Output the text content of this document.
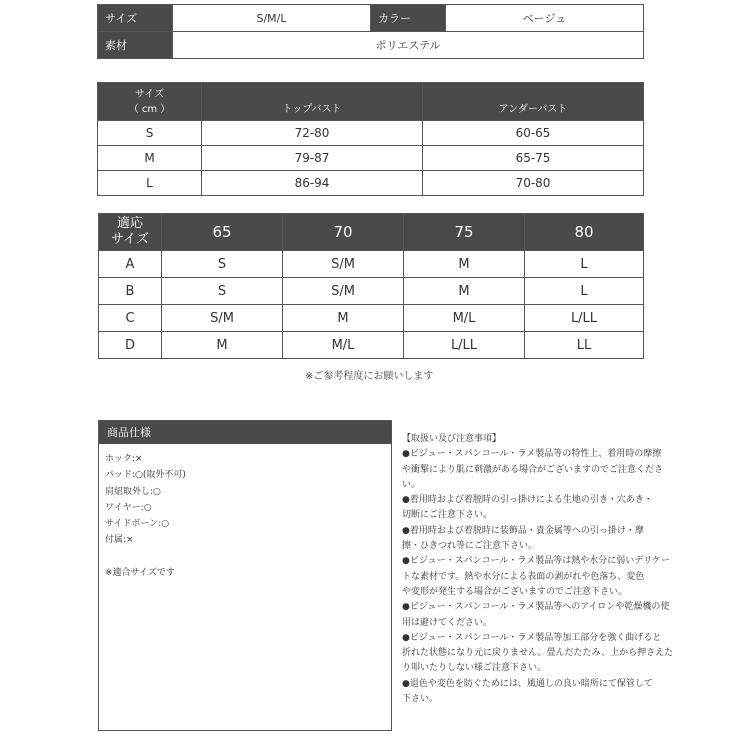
サイズ	S/M/L	カラー	ベージュ
素材	ポリエステル		
サイズ
（ cm ）	トップバスト	アンダーバスト
S	72-80	60-65
M	79-87	65-75
L	86-94	70-80
適応
サイズ	65	70	75	80
A	S	S/M	M	L
B	S	S/M	M	L
C	S/M	M	M/L	L/LL
D	M	M/L	L/LL	LL
※ご参考程度にお願いします
商品仕様
ホック:×
パッド:○(取外不可)
肩紐取外し:○
ワイヤー:○
サイドボーン:○
付属:×
※適合サイズです
【取扱い及び注意事項】
●ビジュー・スパンコール・ラメ製品等の特性上、着用時の摩擦
や衝撃により肌に刺激がある場合がございますのでご注意くださ
い。
●着用時および着脱時の引っ掛けによる生地の引き・穴あき・
切断にご注意下さい。
●着用時および着脱時に装飾品・貴金属等への引っ掛け・摩
擦・ひきつれ等にご注意下さい。
●ビジュー・スパンコール・ラメ製品等は熱や水分に弱いデリケー
トな素材です。熱や水分による表面の剥がれや色落ち、変色
や変形が発生する場合がございますのでご注意下さい。
●ビジュー・スパンコール・ラメ製品等へのアイロンや乾燥機の使
用は避けてください。
●ビジュー・スパンコール・ラメ製品等加工部分を強く曲げると
折れた状態になり元に戻りません。畳んだたたみ、上から押さえた
り叩いたりしない様ご注意下さい。
●退色や変色を防ぐためには、風通しの良い暗所にて保管して
下さい。
